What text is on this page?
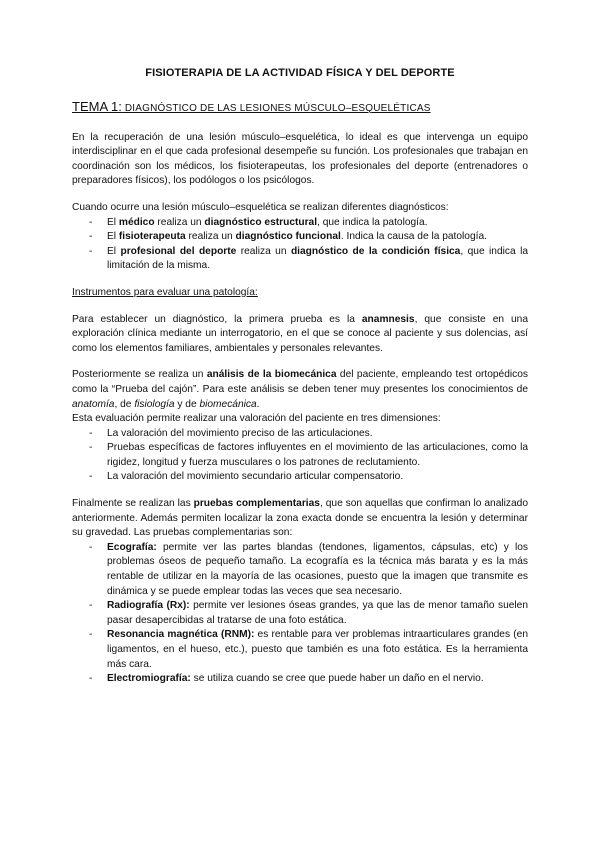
FISIOTERAPIA DE LA ACTIVIDAD FÍSICA Y DEL DEPORTE
TEMA 1: DIAGNÓSTICO DE LAS LESIONES MÚSCULO–ESQUELÉTICAS

En la recuperación de una lesión músculo–esquelética, lo ideal es que intervenga un equipo interdisciplinar en el que cada profesional desempeñe su función. Los profesionales que trabajan en coordinación son los médicos, los fisioterapeutas, los profesionales del deporte (entrenadores o preparadores físicos), los podólogos o los psicólogos.

Cuando ocurre una lesión músculo–esquelética se realizan diferentes diagnósticos:

- El médico realiza un diagnóstico estructural, que indica la patología.
- El fisioterapeuta realiza un diagnóstico funcional. Indica la causa de la patología.
- El profesional del deporte realiza un diagnóstico de la condición física, que indica la limitación de la misma.

Instrumentos para evaluar una patología:

Para establecer un diagnóstico, la primera prueba es la anamnesis, que consiste en una exploración clínica mediante un interrogatorio, en el que se conoce al paciente y sus dolencias, así como los elementos familiares, ambientales y personales relevantes.

Posteriormente se realiza un análisis de la biomecánica del paciente, empleando test ortopédicos como la “Prueba del cajón”. Para este análisis se deben tener muy presentes los conocimientos de anatomía, de fisiología y de biomecánica.

Esta evaluación permite realizar una valoración del paciente en tres dimensiones:

- La valoración del movimiento preciso de las articulaciones.
- Pruebas específicas de factores influyentes en el movimiento de las articulaciones, como la rigidez, longitud y fuerza musculares o los patrones de reclutamiento.
- La valoración del movimiento secundario articular compensatorio.

Finalmente se realizan las pruebas complementarias, que son aquellas que confirman lo analizado anteriormente. Además permiten localizar la zona exacta donde se encuentra la lesión y determinar su gravedad. Las pruebas complementarias son:

- Ecografía: permite ver las partes blandas (tendones, ligamentos, cápsulas, etc) y los problemas óseos de pequeño tamaño. La ecografía es la técnica más barata y es la más rentable de utilizar en la mayoría de las ocasiones, puesto que la imagen que transmite es dinámica y se puede emplear todas las veces que sea necesario.
- Radiografía (Rx): permite ver lesiones óseas grandes, ya que las de menor tamaño suelen pasar desapercibidas al tratarse de una foto estática.
- Resonancia magnética (RNM): es rentable para ver problemas intraarticulares grandes (en ligamentos, en el hueso, etc.), puesto que también es una foto estática. Es la herramienta más cara.
- Electromiografía: se utiliza cuando se cree que puede haber un daño en el nervio.
